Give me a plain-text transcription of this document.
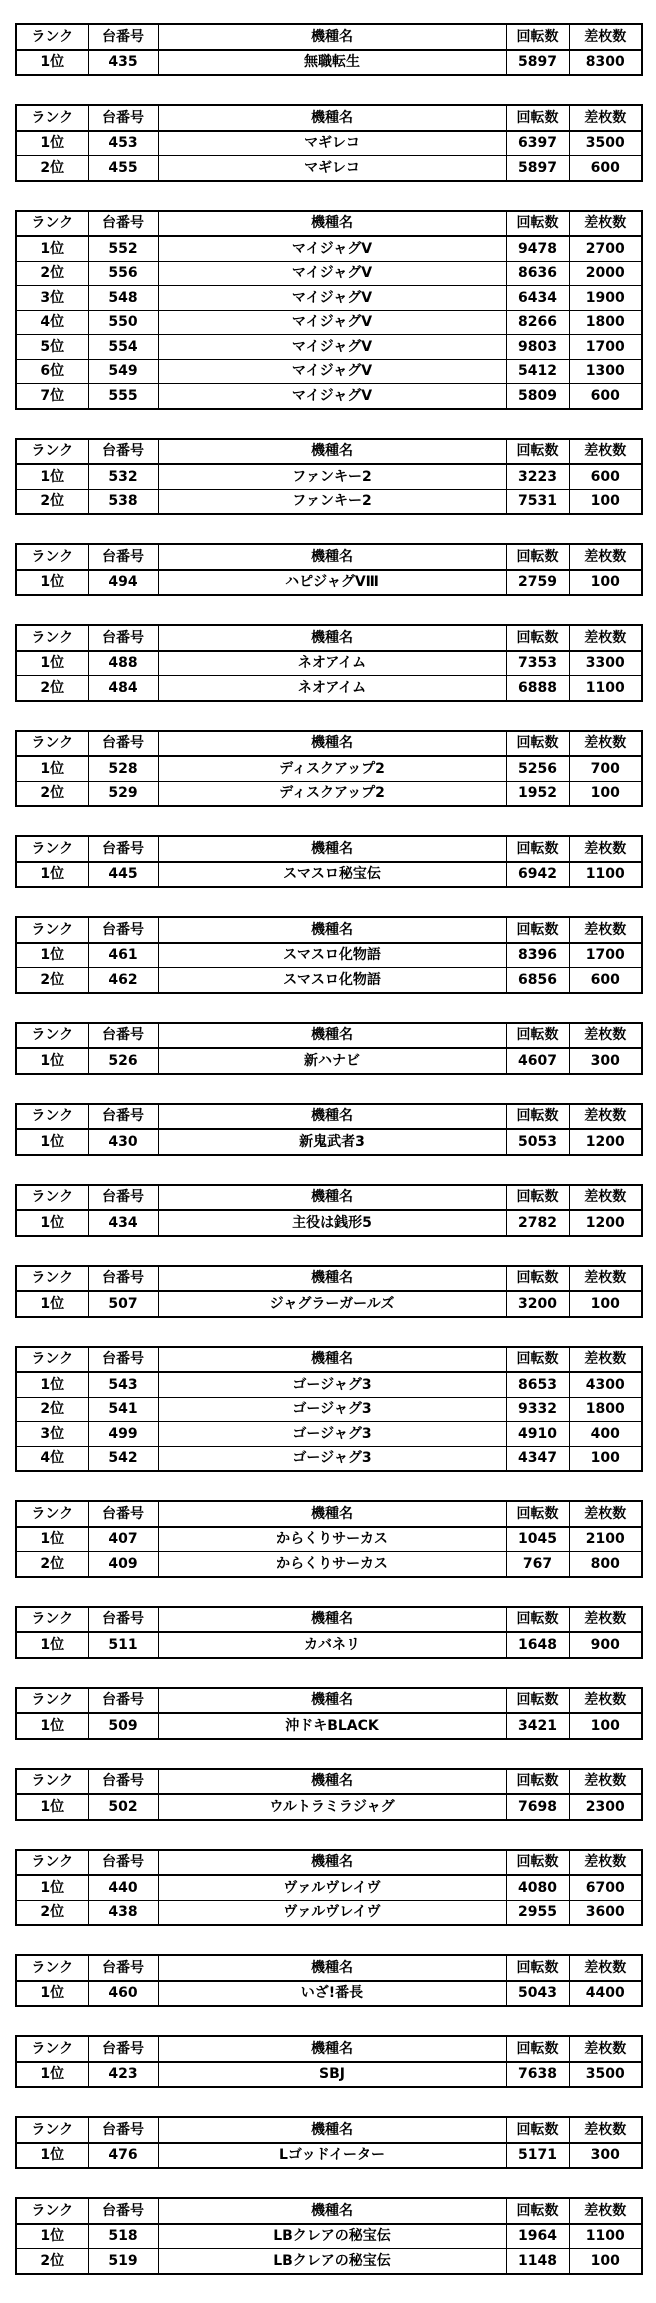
ランク	台番号	機種名	回転数	差枚数
1位	435	無職転生	5897	8300
ランク	台番号	機種名	回転数	差枚数
1位	453	マギレコ	6397	3500
2位	455	マギレコ	5897	600
ランク	台番号	機種名	回転数	差枚数
1位	552	マイジャグV	9478	2700
2位	556	マイジャグV	8636	2000
3位	548	マイジャグV	6434	1900
4位	550	マイジャグV	8266	1800
5位	554	マイジャグV	9803	1700
6位	549	マイジャグV	5412	1300
7位	555	マイジャグV	5809	600
ランク	台番号	機種名	回転数	差枚数
1位	532	ファンキー2	3223	600
2位	538	ファンキー2	7531	100
ランク	台番号	機種名	回転数	差枚数
1位	494	ハピジャグVⅢ	2759	100
ランク	台番号	機種名	回転数	差枚数
1位	488	ネオアイム	7353	3300
2位	484	ネオアイム	6888	1100
ランク	台番号	機種名	回転数	差枚数
1位	528	ディスクアップ2	5256	700
2位	529	ディスクアップ2	1952	100
ランク	台番号	機種名	回転数	差枚数
1位	445	スマスロ秘宝伝	6942	1100
ランク	台番号	機種名	回転数	差枚数
1位	461	スマスロ化物語	8396	1700
2位	462	スマスロ化物語	6856	600
ランク	台番号	機種名	回転数	差枚数
1位	526	新ハナビ	4607	300
ランク	台番号	機種名	回転数	差枚数
1位	430	新鬼武者3	5053	1200
ランク	台番号	機種名	回転数	差枚数
1位	434	主役は銭形5	2782	1200
ランク	台番号	機種名	回転数	差枚数
1位	507	ジャグラーガールズ	3200	100
ランク	台番号	機種名	回転数	差枚数
1位	543	ゴージャグ3	8653	4300
2位	541	ゴージャグ3	9332	1800
3位	499	ゴージャグ3	4910	400
4位	542	ゴージャグ3	4347	100
ランク	台番号	機種名	回転数	差枚数
1位	407	からくりサーカス	1045	2100
2位	409	からくりサーカス	767	800
ランク	台番号	機種名	回転数	差枚数
1位	511	カバネリ	1648	900
ランク	台番号	機種名	回転数	差枚数
1位	509	沖ドキBLACK	3421	100
ランク	台番号	機種名	回転数	差枚数
1位	502	ウルトラミラジャグ	7698	2300
ランク	台番号	機種名	回転数	差枚数
1位	440	ヴァルヴレイヴ	4080	6700
2位	438	ヴァルヴレイヴ	2955	3600
ランク	台番号	機種名	回転数	差枚数
1位	460	いざ!番長	5043	4400
ランク	台番号	機種名	回転数	差枚数
1位	423	SBJ	7638	3500
ランク	台番号	機種名	回転数	差枚数
1位	476	Lゴッドイーター	5171	300
ランク	台番号	機種名	回転数	差枚数
1位	518	LBクレアの秘宝伝	1964	1100
2位	519	LBクレアの秘宝伝	1148	100
